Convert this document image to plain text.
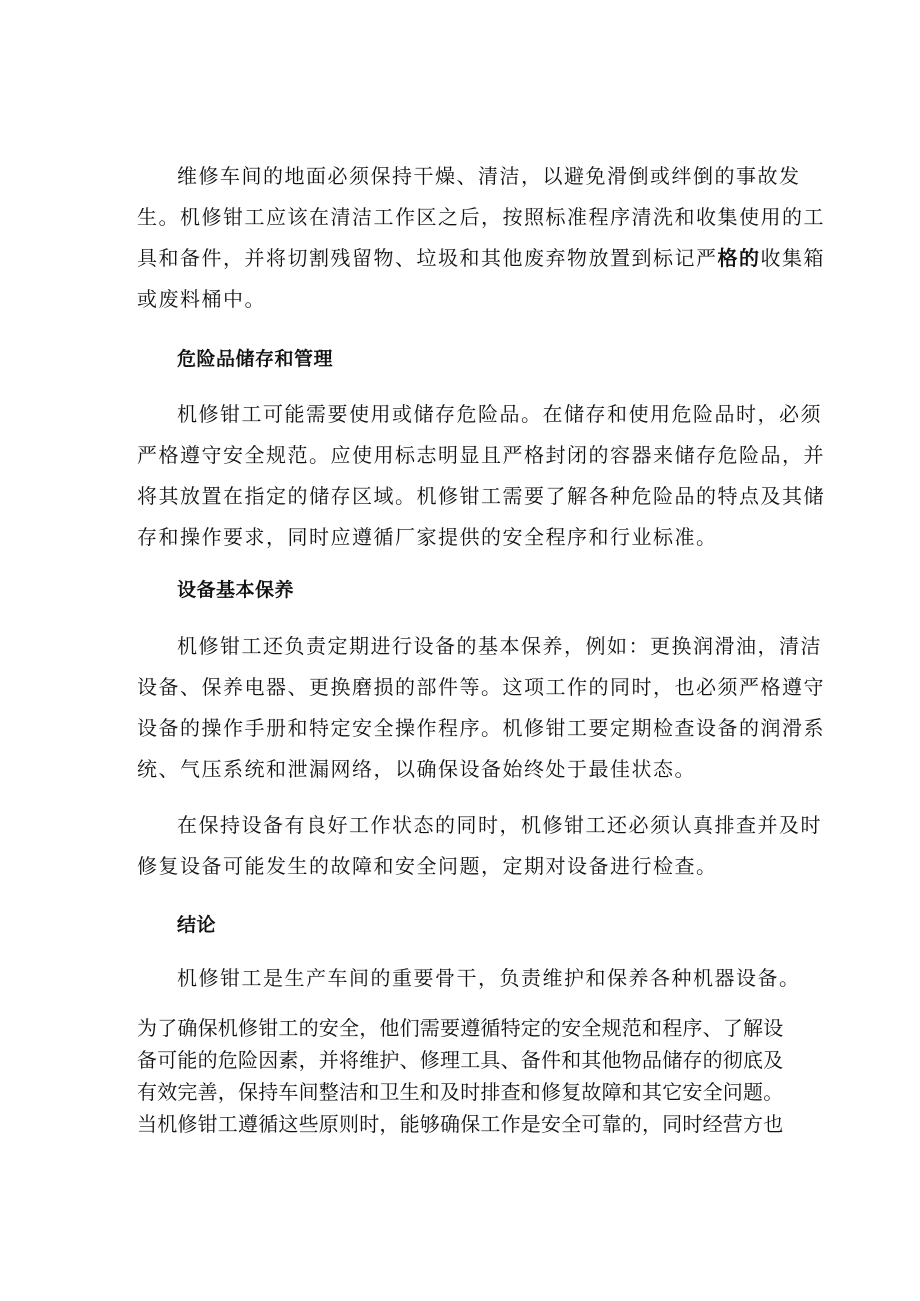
维修车间的地面必须保持干燥、清洁，以避免滑倒或绊倒的事故发
生。机修钳工应该在清洁工作区之后，按照标准程序清洗和收集使用的工
具和备件，并将切割残留物、垃圾和其他废弃物放置到标记严格的收集箱
或废料桶中。
危险品储存和管理
机修钳工可能需要使用或储存危险品。在储存和使用危险品时，必须
严格遵守安全规范。应使用标志明显且严格封闭的容器来储存危险品，并
将其放置在指定的储存区域。机修钳工需要了解各种危险品的特点及其储
存和操作要求，同时应遵循厂家提供的安全程序和行业标准。
设备基本保养
机修钳工还负责定期进行设备的基本保养，例如：更换润滑油，清洁
设备、保养电器、更换磨损的部件等。这项工作的同时，也必须严格遵守
设备的操作手册和特定安全操作程序。机修钳工要定期检查设备的润滑系
统、气压系统和泄漏网络，以确保设备始终处于最佳状态。
在保持设备有良好工作状态的同时，机修钳工还必须认真排查并及时
修复设备可能发生的故障和安全问题，定期对设备进行检查。
结论
机修钳工是生产车间的重要骨干，负责维护和保养各种机器设备。
为了确保机修钳工的安全，他们需要遵循特定的安全规范和程序、了解设
备可能的危险因素，并将维护、修理工具、备件和其他物品储存的彻底及
有效完善，保持车间整洁和卫生和及时排查和修复故障和其它安全问题。
当机修钳工遵循这些原则时，能够确保工作是安全可靠的，同时经营方也
